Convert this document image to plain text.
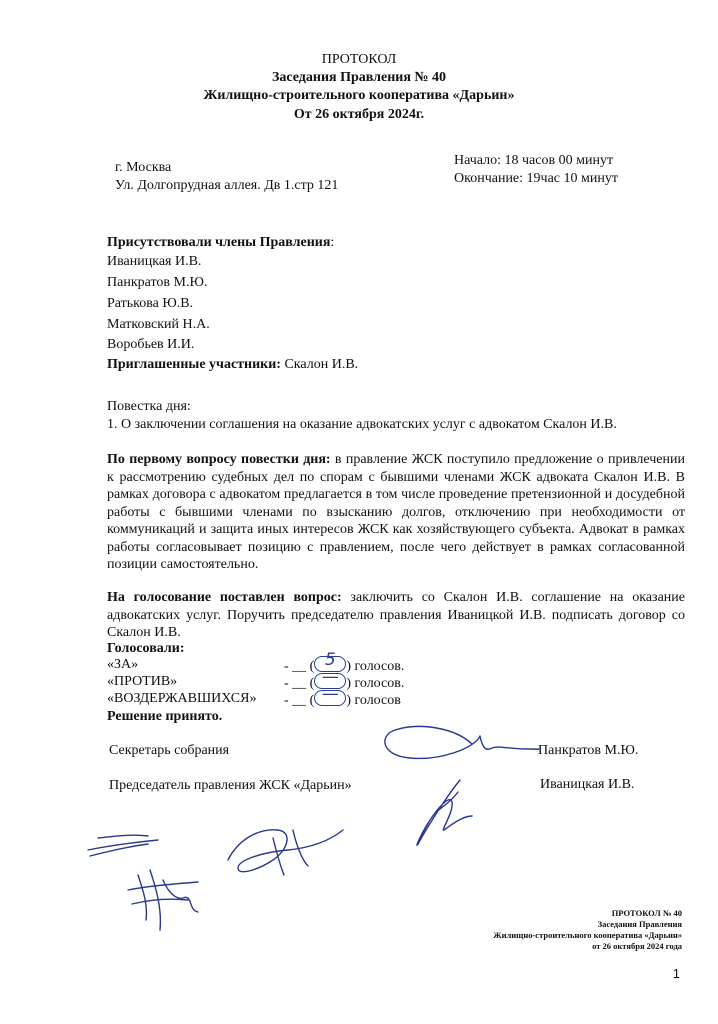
ПРОТОКОЛ
Заседания Правления № 40
Жилищно-строительного кооператива «Дарьин»
От 26 октября 2024г.
г. Москва
Ул. Долгопрудная аллея. Дв 1.стр 121
Начало: 18 часов 00 минут
Окончание: 19час 10 минут
Присутствовали члены Правления:
Иваницкая И.В.
Панкратов М.Ю.
Ратькова Ю.В.
Матковский Н.А.
Воробьев И.И.
Приглашенные участники: Скалон И.В.
Повестка дня:
1. О заключении соглашения на оказание адвокатских услуг с адвокатом Скалон И.В.
По первому вопросу повестки дня: в правление ЖСК поступило предложение о привлечении к рассмотрению судебных дел по спорам с бывшими членами ЖСК адвоката Скалон И.В. В рамках договора с адвокатом предлагается в том числе проведение претензионной и досудебной работы с бывшими членами по взысканию долгов, отключению при необходимости от коммуникаций и защита иных интересов ЖСК как хозяйствующего субъекта. Адвокат в рамках работы согласовывает позицию с правлением, после чего действует в рамках согласованной позиции самостоятельно.
На голосование поставлен вопрос: заключить со Скалон И.В. соглашение на оказание адвокатских услуг. Поручить председателю правления Иваницкой И.В. подписать договор со Скалон И.В.
Голосовали:
«ЗА»	- __ ( 5 ) голосов.
«ПРОТИВ»	- __ ( — ) голосов.
«ВОЗДЕРЖАВШИХСЯ» - __ ( — ) голосов
Решение принято.
Секретарь собрания	Панкратов М.Ю.
Председатель правления ЖСК «Дарьин»	Иваницкая И.В.
ПРОТОКОЛ № 40
Заседания Правления
Жилищно-строительного кооператива «Дарьин»
от 26 октября 2024 года
1
